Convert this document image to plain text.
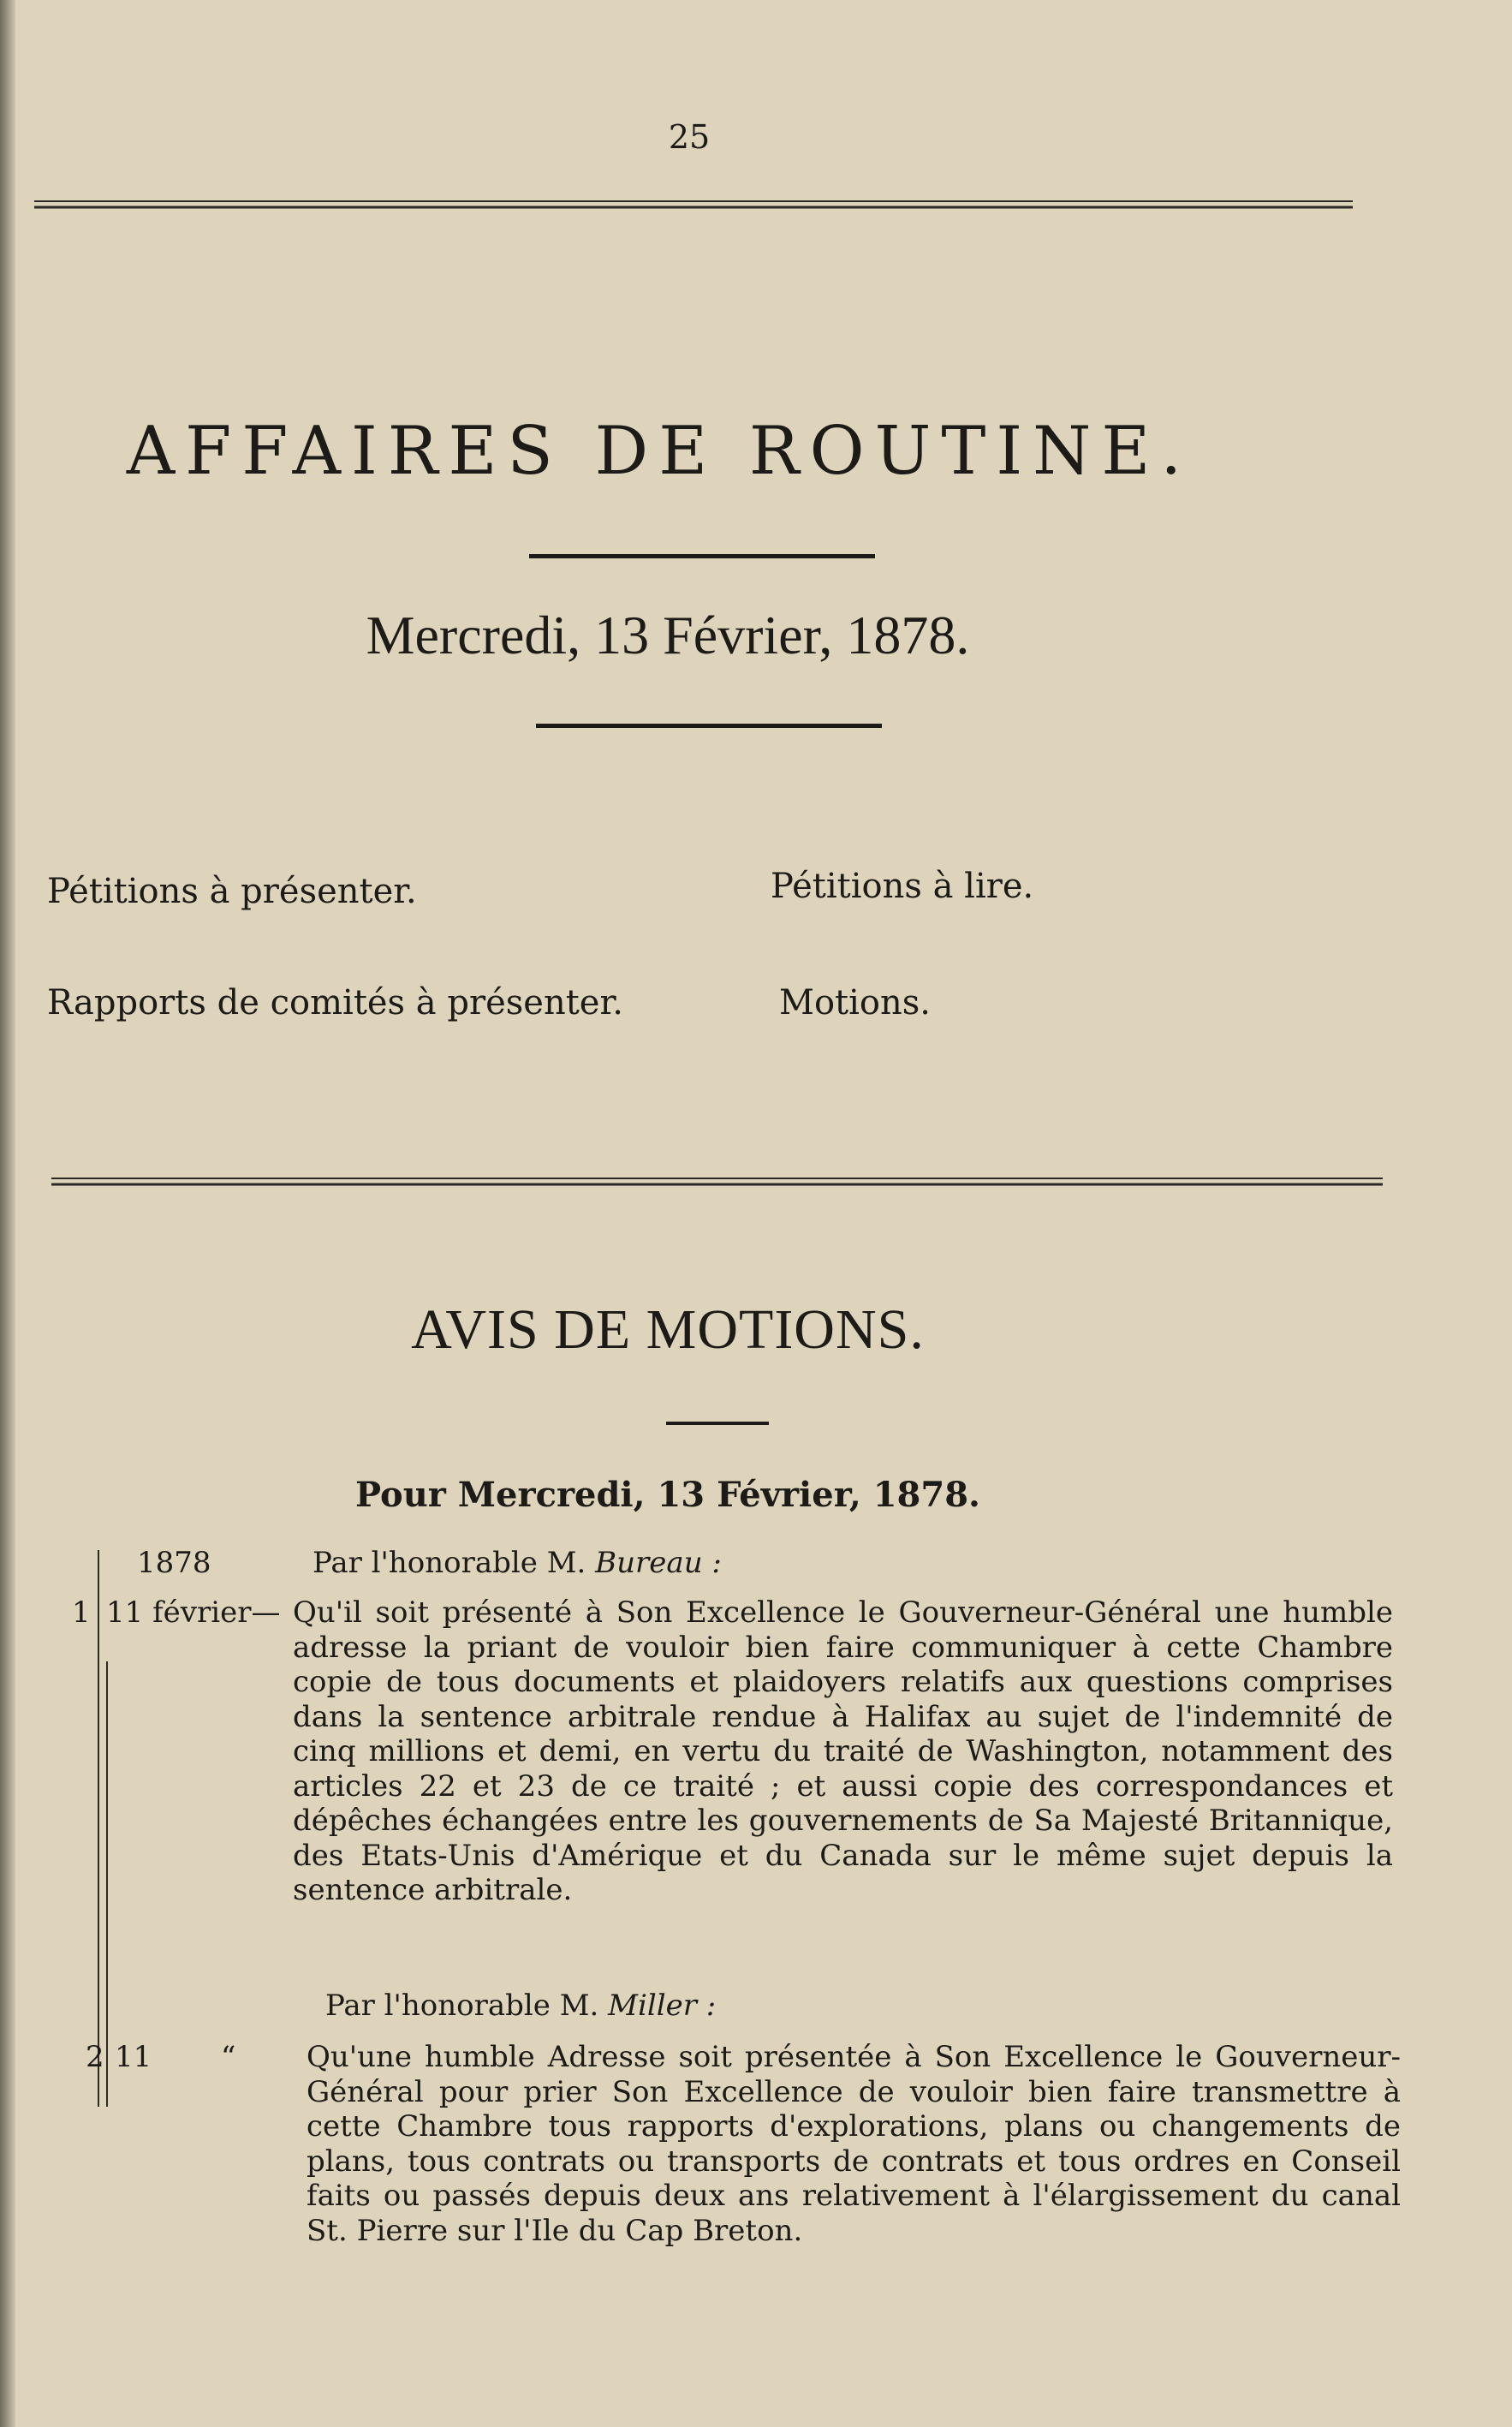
25
AFFAIRES DE ROUTINE.
Mercredi, 13 Février, 1878.
Pétitions à présenter.	Pétitions à lire.
Rapports de comités à présenter.	Motions.
AVIS DE MOTIONS.
Pour Mercredi, 13 Février, 1878.
1878	Par l'honorable M. Bureau :
1 11 février— Qu'il soit présenté à Son Excellence le Gouverneur-Général une humble adresse la priant de vouloir bien faire communiquer à cette Chambre copie de tous documents et plaidoyers relatifs aux questions comprises dans la sentence arbitrale rendue à Halifax au sujet de l'indemnité de cinq millions et demi, en vertu du traité de Washington, notamment des articles 22 et 23 de ce traité ; et aussi copie des correspondances et dépêches échangées entre les gouvernements de Sa Majesté Britannique, des Etats-Unis d'Amérique et du Canada sur le même sujet depuis la sentence arbitrale.
Par l'honorable M. Miller :
2 11 “ Qu'une humble Adresse soit présentée à Son Excellence le Gouverneur-Général pour prier Son Excellence de vouloir bien faire transmettre à cette Chambre tous rapports d'explorations, plans ou changements de plans, tous contrats ou transports de contrats et tous ordres en Conseil faits ou passés depuis deux ans relativement à l'élargissement du canal St. Pierre sur l'Ile du Cap Breton.
